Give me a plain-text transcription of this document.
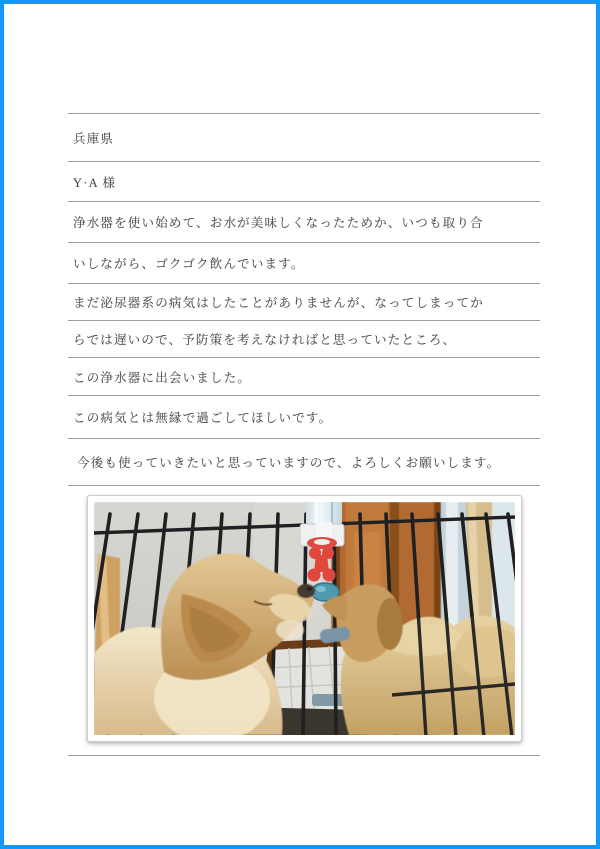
兵庫県
Y·A 様
浄水器を使い始めて、お水が美味しくなったためか、いつも取り合
いしながら、ゴクゴク飲んでいます。
まだ泌尿器系の病気はしたことがありませんが、なってしまってか
らでは遅いので、予防策を考えなければと思っていたところ、
この浄水器に出会いました。
この病気とは無縁で過ごしてほしいです。
今後も使っていきたいと思っていますので、よろしくお願いします。
